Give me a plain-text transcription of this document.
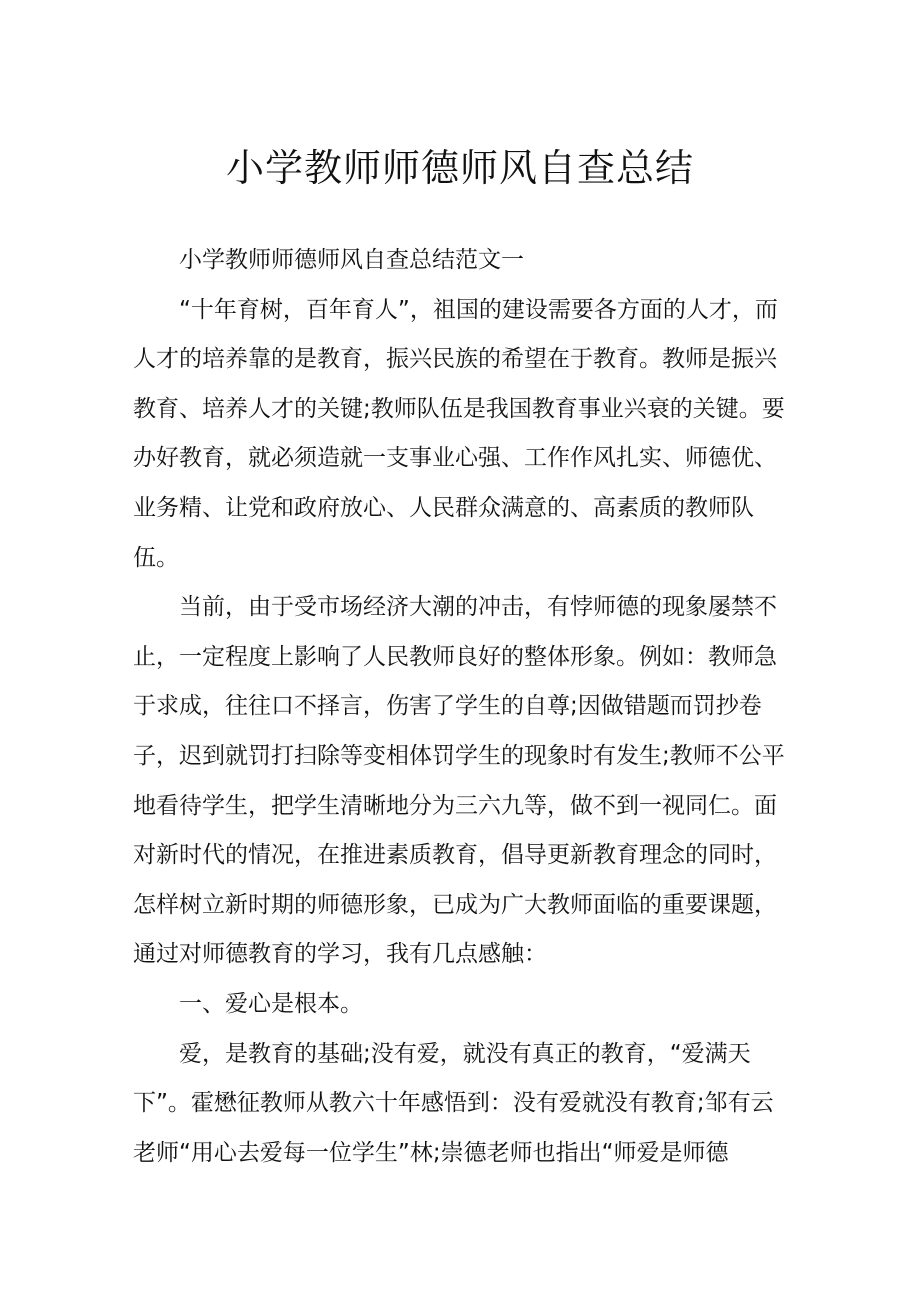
小学教师师德师风自查总结

小学教师师德师风自查总结范文一

“十年育树，百年育人”，祖国的建设需要各方面的人才，而人才的培养靠的是教育，振兴民族的希望在于教育。教师是振兴教育、培养人才的关键;教师队伍是我国教育事业兴衰的关键。要办好教育，就必须造就一支事业心强、工作作风扎实、师德优、业务精、让党和政府放心、人民群众满意的、高素质的教师队伍。

当前，由于受市场经济大潮的冲击，有悖师德的现象屡禁不止，一定程度上影响了人民教师良好的整体形象。例如：教师急于求成，往往口不择言，伤害了学生的自尊;因做错题而罚抄卷子，迟到就罚打扫除等变相体罚学生的现象时有发生;教师不公平地看待学生，把学生清晰地分为三六九等，做不到一视同仁。面对新时代的情况，在推进素质教育，倡导更新教育理念的同时，怎样树立新时期的师德形象，已成为广大教师面临的重要课题，通过对师德教育的学习，我有几点感触：

一、爱心是根本。

爱，是教育的基础;没有爱，就没有真正的教育，“爱满天下”。霍懋征教师从教六十年感悟到：没有爱就没有教育;邹有云老师“用心去爱每一位学生”林;崇德老师也指出“师爱是师德
